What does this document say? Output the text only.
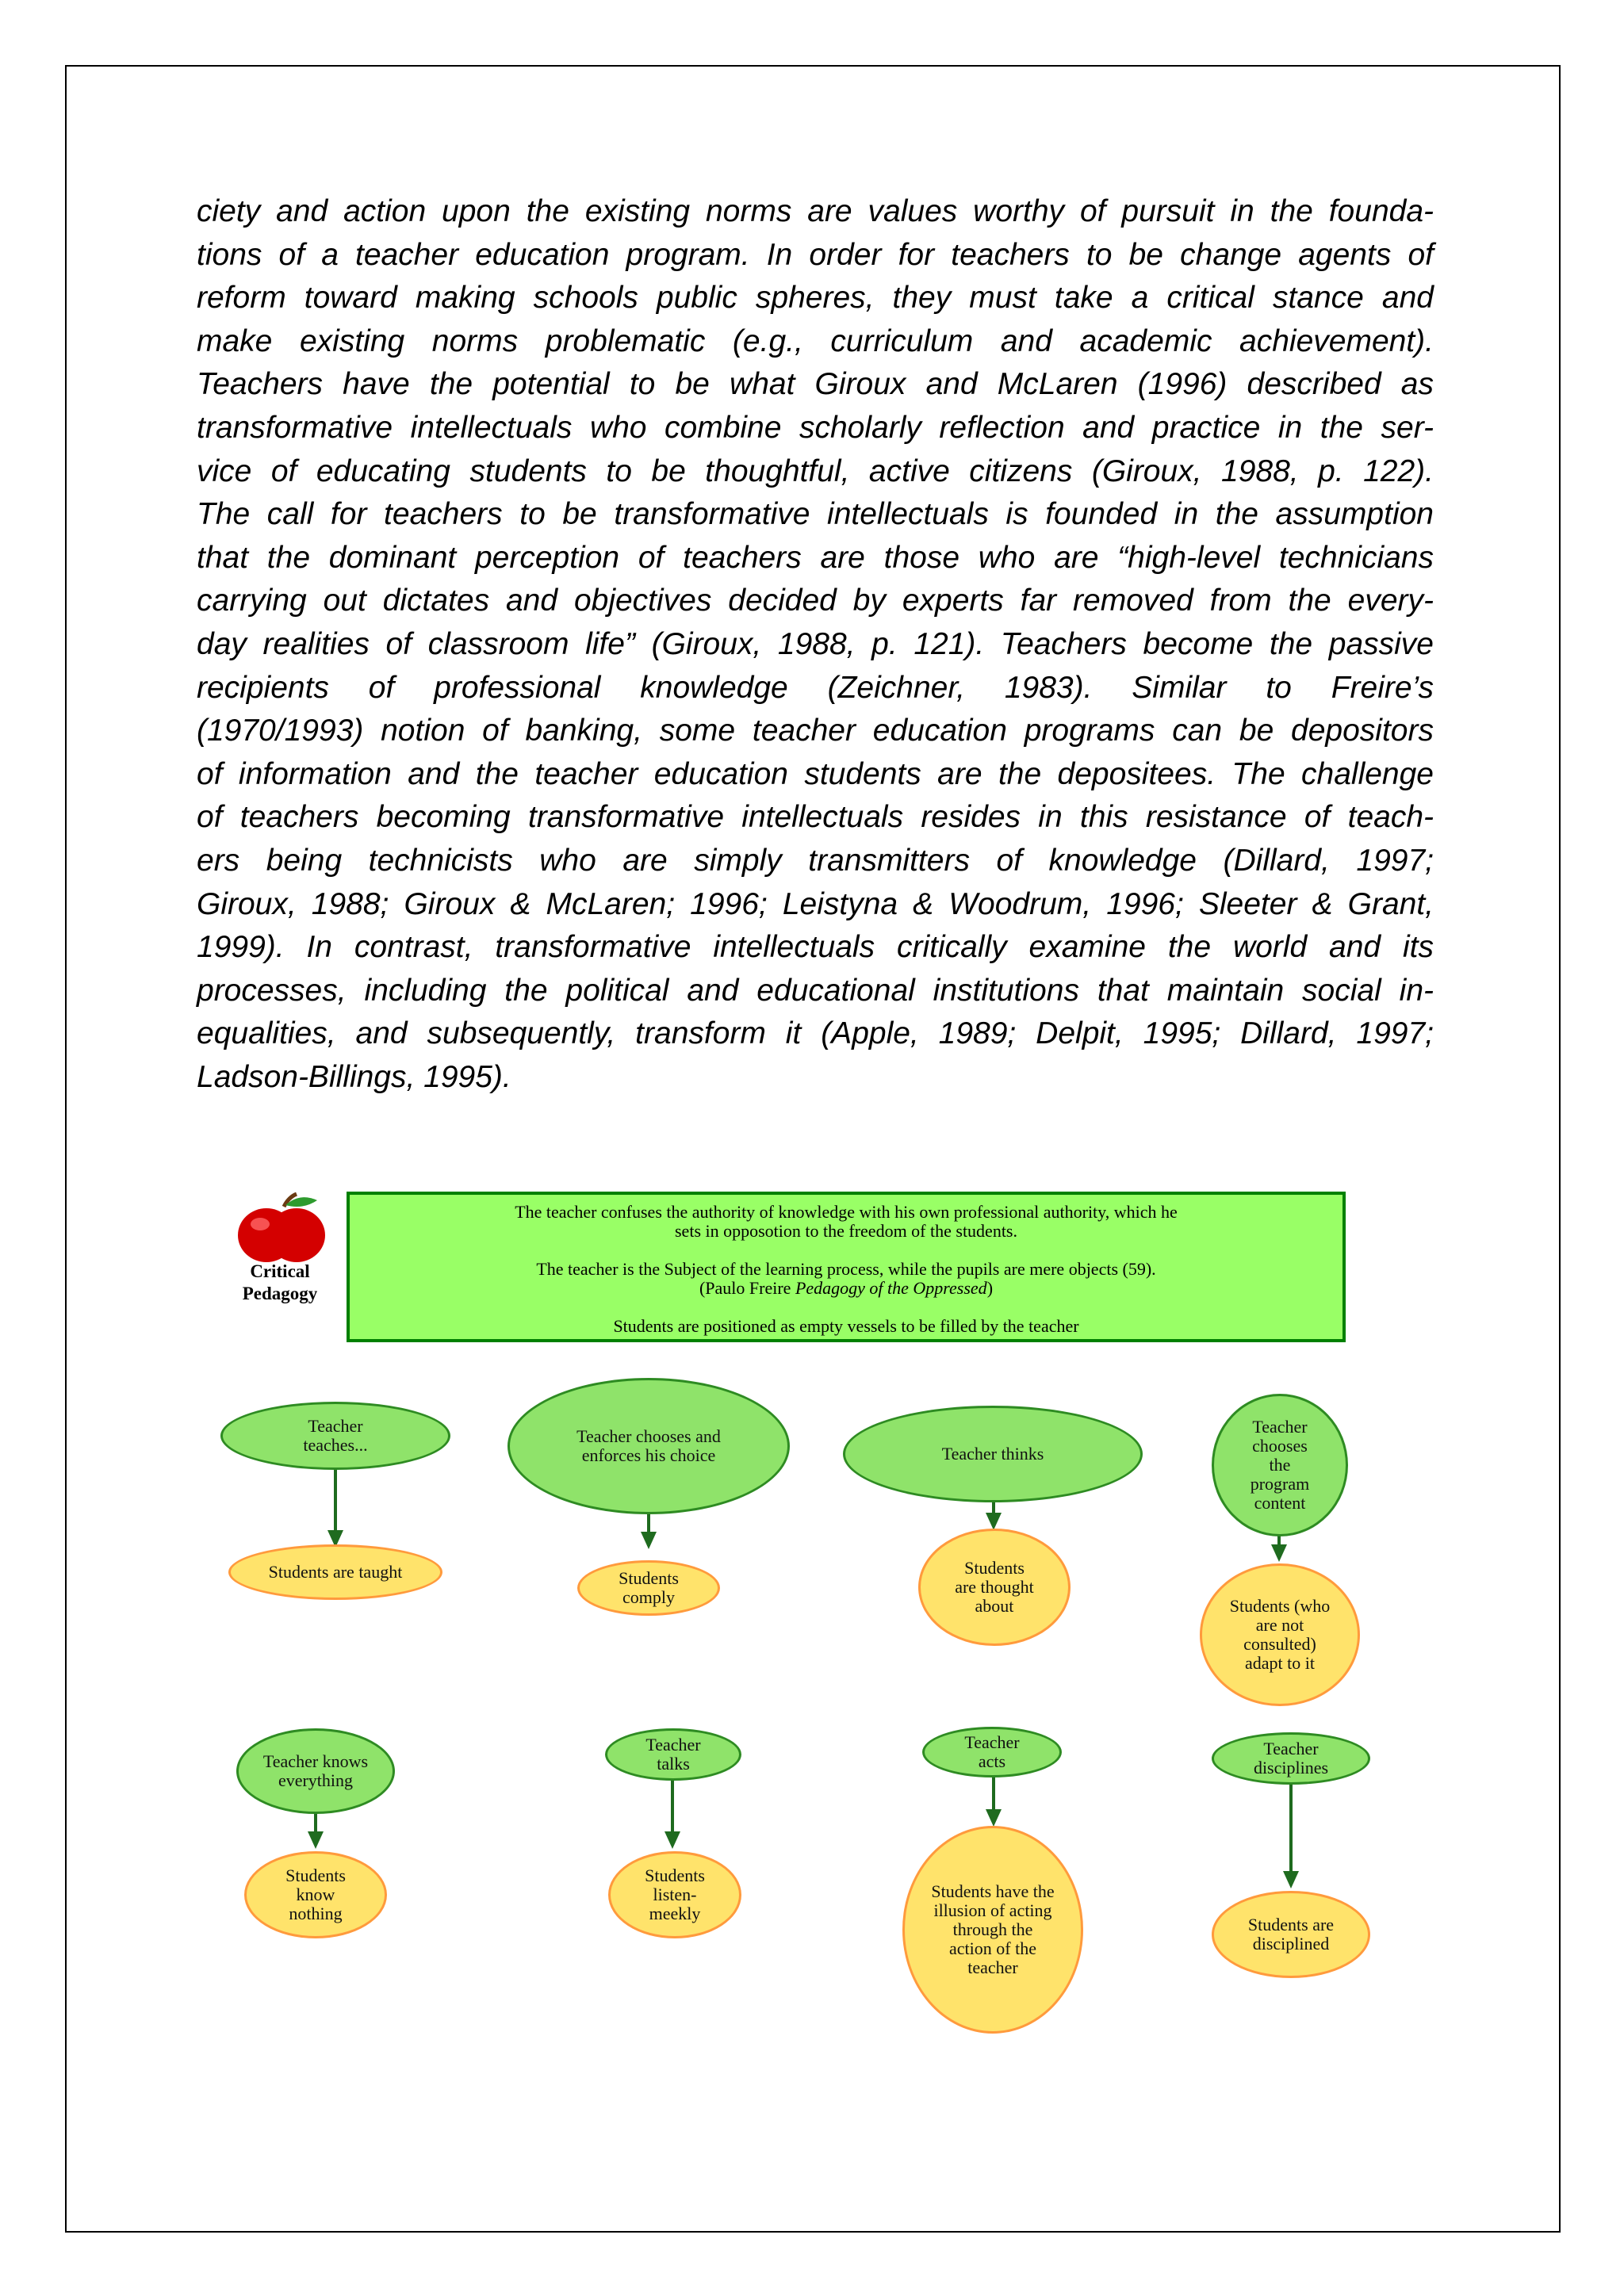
ciety and action upon the existing norms are values worthy of pursuit in the founda-
tions of a teacher education program. In order for teachers to be change agents of
reform toward making schools public spheres, they must take a critical stance and
make existing norms problematic (e.g., curriculum and academic achievement).
Teachers have the potential to be what Giroux and McLaren (1996) described as
transformative intellectuals who combine scholarly reflection and practice in the ser-
vice of educating students to be thoughtful, active citizens (Giroux, 1988, p. 122).
The call for teachers to be transformative intellectuals is founded in the assumption
that the dominant perception of teachers are those who are “high-level technicians
carrying out dictates and objectives decided by experts far removed from the every-
day realities of classroom life” (Giroux, 1988, p. 121). Teachers become the passive
recipients of professional knowledge (Zeichner, 1983). Similar to Freire’s
(1970/1993) notion of banking, some teacher education programs can be depositors
of information and the teacher education students are the depositees. The challenge
of teachers becoming transformative intellectuals resides in this resistance of teach-
ers being technicists who are simply transmitters of knowledge (Dillard, 1997;
Giroux, 1988; Giroux & McLaren; 1996; Leistyna & Woodrum, 1996; Sleeter & Grant,
1999). In contrast, transformative intellectuals critically examine the world and its
processes, including the political and educational institutions that maintain social in-
equalities, and subsequently, transform it (Apple, 1989; Delpit, 1995; Dillard, 1997;
Ladson-Billings, 1995).
Critical
Pedagogy

The teacher confuses the authority of knowledge with his own professional authority, which he

sets in opposotion to the freedom of the students.

The teacher is the Subject of the learning process, while the pupils are mere objects (59).

(Paulo Freire Pedagogy of the Oppressed)

Students are positioned as empty vessels to be filled by the teacher

Teacher teaches...
Students are taught
Teacher chooses and enforces his choice
Students comply
Teacher thinks
Students are thought about
Teacher chooses the program content
Students (who are not consulted) adapt to it
Teacher knows everything
Students know nothing
Teacher talks
Students listen- meekly
Teacher acts
Students have the illusion of acting through the action of the teacher
Teacher disciplines
Students are disciplined
